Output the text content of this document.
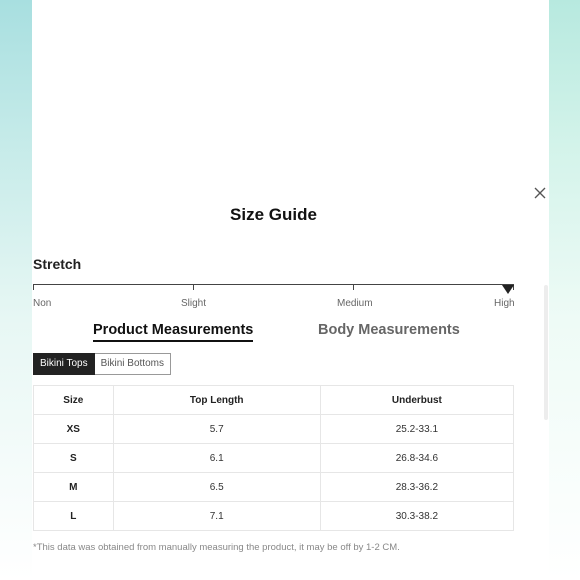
Size Guide
Stretch
Non	Slight	Medium	High
Product Measurements	Body Measurements
Bikini Tops	Bikini Bottoms
Size	Top Length	Underbust
XS	5.7	25.2-33.1
S	6.1	26.8-34.6
M	6.5	28.3-36.2
L	7.1	30.3-38.2
*This data was obtained from manually measuring the product, it may be off by 1-2 CM.
